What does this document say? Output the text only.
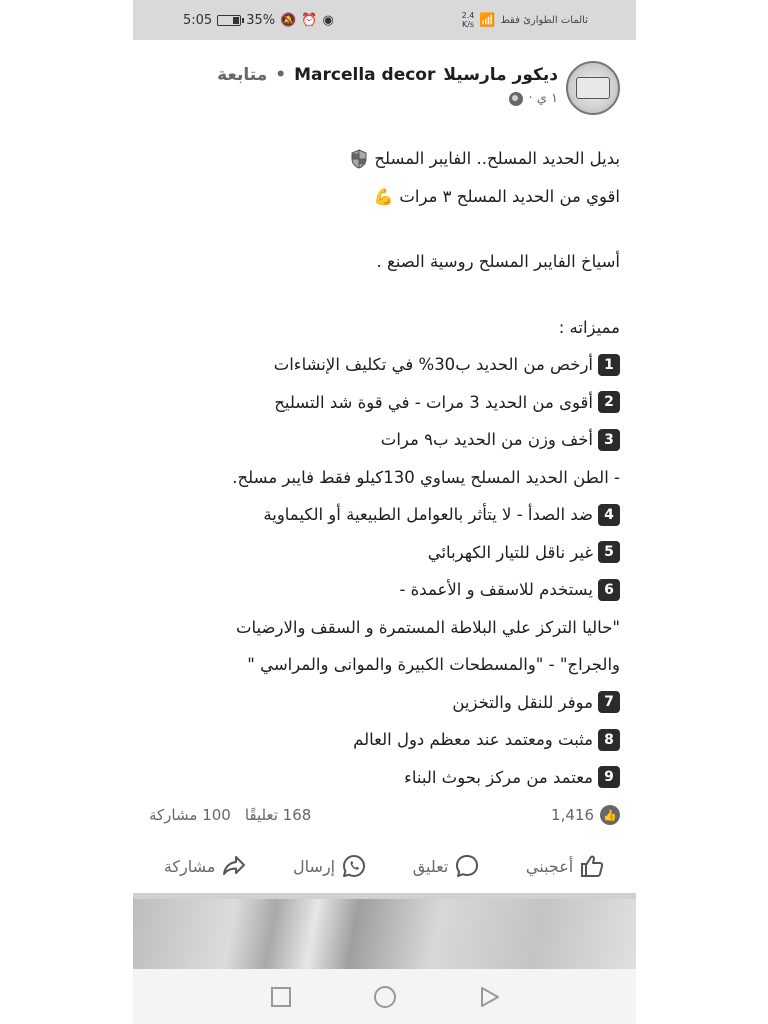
5:05	35% 🔕 ⏰ ◉	2.4
K/s 📶 ثالمات الطوارئ فقط
ديكور مارسيلا
Marcella decor
•
متابعة
١ ي ·
بديل الحديد المسلح.. الفايبر المسلح
اقوي من الحديد المسلح ٣ مرات
💪
أسياخ الفايبر المسلح روسية الصنع .
مميزاته :
1
أرخص من الحديد ب30% في تكليف الإنشاءات
2
أقوى من الحديد 3 مرات - في قوة شد التسليح
3
أخف وزن من الحديد ب٩ مرات
- الطن الحديد المسلح يساوي 130كيلو فقط فايبر مسلح.
4
ضد الصدأ - لا يتأثر بالعوامل الطبيعية أو الكيماوية
5
غير ناقل للتيار الكهربائي
6
يستخدم للاسقف و الأعمدة -
"حاليا التركز علي البلاطة المستمرة و السقف والارضيات
والجراج" - "والمسطحات الكبيرة والموانى والمراسي "
7
موفر للنقل والتخزين
8
مثبت ومعتمد عند معظم دول العالم
9
معتمد من مركز بحوث البناء
👍
1,416
168 تعليقًا
100 مشاركة
أعجبني
تعليق
إرسال
مشاركة
